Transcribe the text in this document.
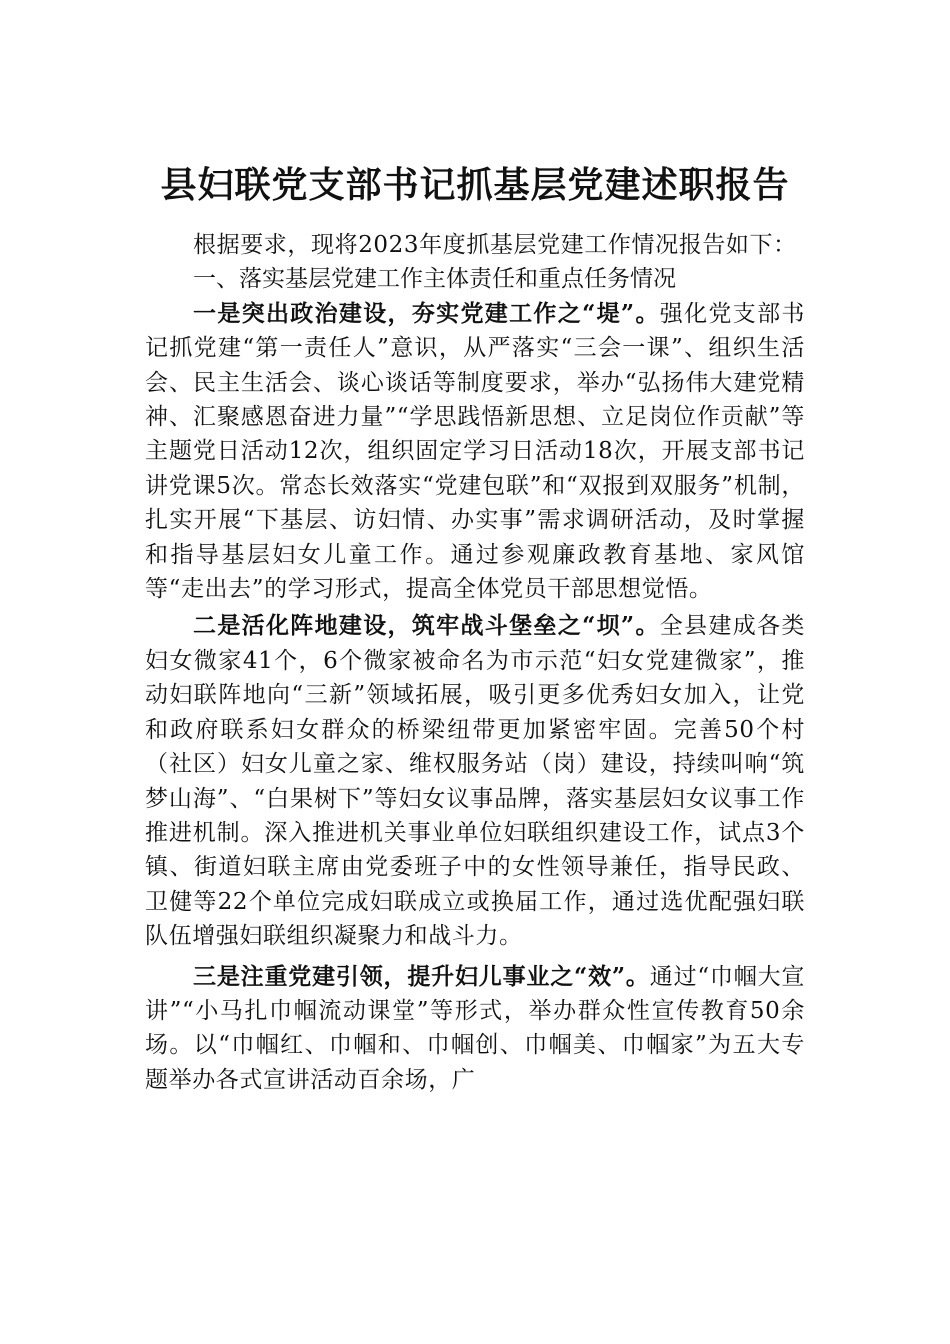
县妇联党支部书记抓基层党建述职报告

根据要求，现将2023年度抓基层党建工作情况报告如下：

一、落实基层党建工作主体责任和重点任务情况

一是突出政治建设，夯实党建工作之“堤”。强化党支部书记抓党建“第一责任人”意识，从严落实“三会一课”、组织生活会、民主生活会、谈心谈话等制度要求，举办“弘扬伟大建党精神、汇聚感恩奋进力量”“学思践悟新思想、立足岗位作贡献”等主题党日活动12次，组织固定学习日活动18次，开展支部书记讲党课5次。常态长效落实“党建包联”和“双报到双服务”机制，扎实开展“下基层、访妇情、办实事”需求调研活动，及时掌握和指导基层妇女儿童工作。通过参观廉政教育基地、家风馆等“走出去”的学习形式，提高全体党员干部思想觉悟。

二是活化阵地建设，筑牢战斗堡垒之“坝”。全县建成各类妇女微家41个，6个微家被命名为市示范“妇女党建微家”，推动妇联阵地向“三新”领域拓展，吸引更多优秀妇女加入，让党和政府联系妇女群众的桥梁纽带更加紧密牢固。完善50个村（社区）妇女儿童之家、维权服务站（岗）建设，持续叫响“筑梦山海”、“白果树下”等妇女议事品牌，落实基层妇女议事工作推进机制。深入推进机关事业单位妇联组织建设工作，试点3个镇、街道妇联主席由党委班子中的女性领导兼任，指导民政、卫健等22个单位完成妇联成立或换届工作，通过选优配强妇联队伍增强妇联组织凝聚力和战斗力。

三是注重党建引领，提升妇儿事业之“效”。通过“巾帼大宣讲”“小马扎巾帼流动课堂”等形式，举办群众性宣传教育50余场。以“巾帼红、巾帼和、巾帼创、巾帼美、巾帼家”为五大专题举办各式宣讲活动百余场，广
